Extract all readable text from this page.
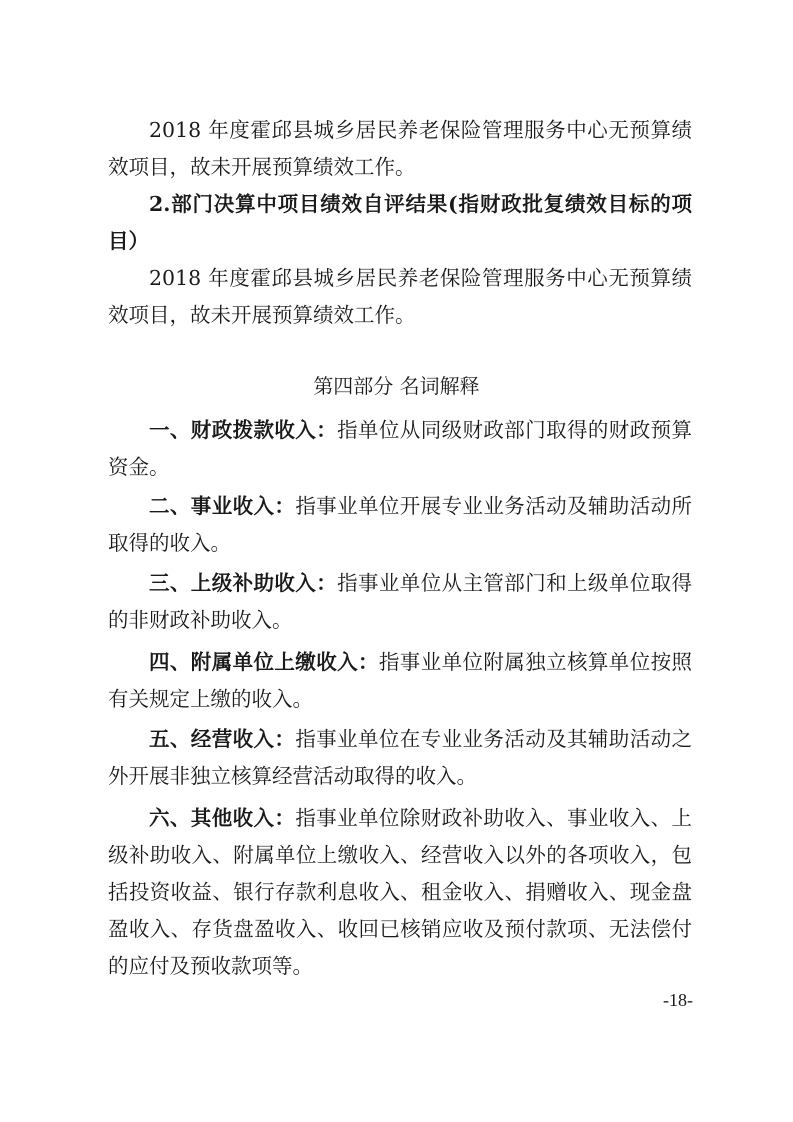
2018 年度霍邱县城乡居民养老保险管理服务中心无预算绩效项目，故未开展预算绩效工作。

2.部门决算中项目绩效自评结果(指财政批复绩效目标的项目）

2018 年度霍邱县城乡居民养老保险管理服务中心无预算绩效项目，故未开展预算绩效工作。

第四部分 名词解释

一、财政拨款收入：指单位从同级财政部门取得的财政预算资金。

二、事业收入：指事业单位开展专业业务活动及辅助活动所取得的收入。

三、上级补助收入：指事业单位从主管部门和上级单位取得的非财政补助收入。

四、附属单位上缴收入：指事业单位附属独立核算单位按照有关规定上缴的收入。

五、经营收入：指事业单位在专业业务活动及其辅助活动之外开展非独立核算经营活动取得的收入。

六、其他收入：指事业单位除财政补助收入、事业收入、上级补助收入、附属单位上缴收入、经营收入以外的各项收入，包括投资收益、银行存款利息收入、租金收入、捐赠收入、现金盘盈收入、存货盘盈收入、收回已核销应收及预付款项、无法偿付的应付及预收款项等。

-18-
